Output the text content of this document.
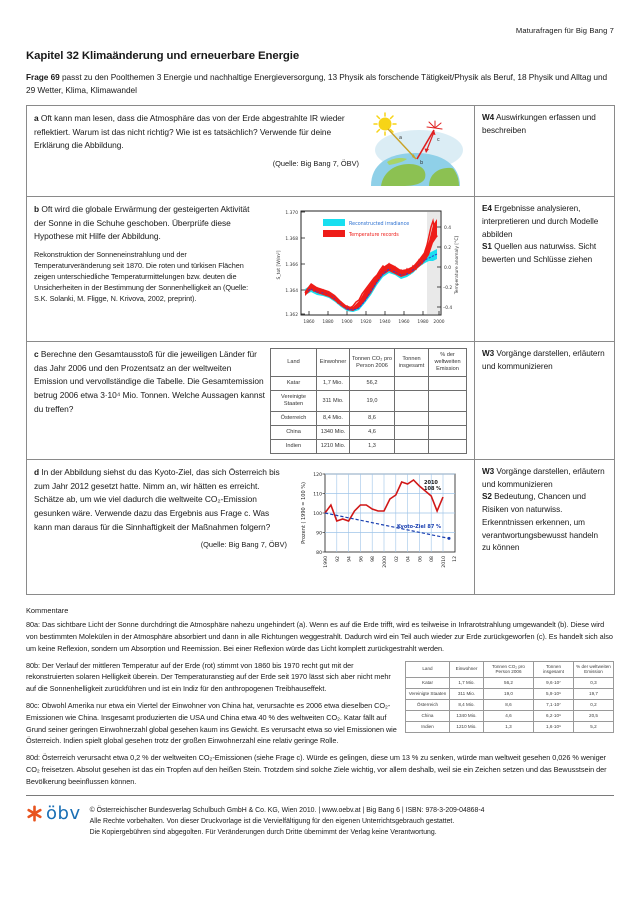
Maturafragen für Big Bang 7
Kapitel 32 Klimaänderung und erneuerbare Energie
Frage 69 passt zu den Poolthemen 3 Energie und nachhaltige Energieversorgung, 13 Physik als forschende Tätigkeit/Physik als Beruf, 18 Physik und Alltag und 29 Wetter, Klima, Klimawandel
a Oft kann man lesen, dass die Atmosphäre das von der Erde abgestrahlte IR wieder reflektiert. Warum ist das nicht richtig? Wie ist es tatsächlich? Verwende für deine Erklärung die Abbildung.
(Quelle: Big Bang 7, ÖBV)
a
b
c

W4 Auswirkungen erfassen und beschreiben

b Oft wird die globale Erwärmung der gesteigerten Aktivität der Sonne in die Schuhe geschoben. Überprüfe diese Hypothese mit Hilfe der Abbildung.
Rekonstruktion der Sonneneinstrahlung und der Temperaturveränderung seit 1870. Die roten und türkisen Flächen zeigen unterschiedliche Temperaturmittelungen bzw. deuten die Unsicherheiten in der Bestimmung der Sonnenhelligkeit an (Quelle: S.K. Solanki, M. Fligge, N. Krivova, 2002, preprint).
1.370
1.368
1.366
1.364
1.362
S_tot [W/m²]
0.4
0.2
0.0
–0.2
–0.4
Temperature anomaly [°C]
1860 1880 1900 1920 1940 1960 1980 2000
Reconstructed irradiance
Temperature records

E4 Ergebnisse analysieren, interpretieren und durch Modelle abbilden
S1 Quellen aus naturwiss. Sicht bewerten und Schlüsse ziehen

c Berechne den Gesamtausstoß für die jeweiligen Länder für das Jahr 2006 und den Prozentsatz an der weltweiten Emission und vervollständige die Tabelle. Die Gesamtemission betrug 2006 etwa 3·10⁴ Mio. Tonnen. Welche Aussagen kannst du treffen?
Land	Einwohner	Tonnen CO₂ pro Person 2006	Tonnen insgesamt	% der weltweiten Emission
Katar	1,7 Mio.	56,2		
Vereinigte Staaten	311 Mio.	19,0		
Österreich	8,4 Mio.	8,6		
China	1340 Mio.	4,6		
Indien	1210 Mio.	1,3		

W3 Vorgänge darstellen, erläutern und kommunizieren

d In der Abbildung siehst du das Kyoto-Ziel, das sich Österreich bis zum Jahr 2012 gesetzt hatte. Nimm an, wir hätten es erreicht. Schätze ab, um wie viel dadurch die weltweite CO₂-Emission gesunken wäre. Verwende dazu das Ergebnis aus Frage c. Was kann man daraus für die Sinnhaftigkeit der Maßnahmen folgern?
(Quelle: Big Bang 7, ÖBV)
120
110
100
90
80
Prozent ( 1990 = 100 %)
1990 92 94 96 98 2000 02 04 06 08 2010 12
2010
108 %
Kyoto-Ziel 87 %

W3 Vorgänge darstellen, erläutern und kommunizieren
S2 Bedeutung, Chancen und Risiken von naturwiss. Erkenntnissen erkennen, um verantwortungsbewusst handeln zu können
Kommentare
80a: Das sichtbare Licht der Sonne durchdringt die Atmosphäre nahezu ungehindert (a). Wenn es auf die Erde trifft, wird es teilweise in Infrarotstrahlung umgewandelt (b). Diese wird von bestimmten Molekülen in der Atmosphäre absorbiert und dann in alle Richtungen weggestrahlt. Dadurch wird ein Teil auch wieder zur Erde zurückgeworfen (c). Es handelt sich also um keine Reflexion, sondern um Absorption und Reemission. Bei einer Reflexion würde das Licht komplett zurückgestrahlt werden.
Land	Einwohner	Tonnen CO₂ pro Person 2006	Tonnen insgesamt	% der weltweiten Emission
Katar	1,7 Mio.	56,2	9,6·10⁷	0,3
Vereinigte Staaten	311 Mio.	19,0	5,9·10⁹	19,7
Österreich	8,4 Mio.	8,6	7,1·10⁷	0,2
China	1340 Mio.	4,6	6,2·10⁹	20,5
Indien	1210 Mio.	1,3	1,6·10⁹	5,2
80b: Der Verlauf der mittleren Temperatur auf der Erde (rot) stimmt von 1860 bis 1970 recht gut mit der rekonstruierten solaren Helligkeit überein. Der Temperaturanstieg auf der Erde seit 1970 lässt sich aber nicht mehr auf die Sonnenhelligkeit zurückführen und ist ein Indiz für den anthropogenen Treibhauseffekt.
80c: Obwohl Amerika nur etwa ein Viertel der Einwohner von China hat, verursachte es 2006 etwa dieselben CO₂-Emissionen wie China. Insgesamt produzierten die USA und China etwa 40 % des weltweiten CO₂. Katar fällt auf Grund seiner geringen Einwohnerzahl global gesehen kaum ins Gewicht. Es verursacht etwa so viel Emissionen wie Österreich. Indien spielt global gesehen trotz der großen Einwohnerzahl eine relativ geringe Rolle.
80d: Österreich verursacht etwa 0,2 % der weltweiten CO₂-Emissionen (siehe Frage c). Würde es gelingen, diese um 13 % zu senken, würde man weltweit gesehen 0,026 % weniger CO₂ freisetzen. Absolut gesehen ist das ein Tropfen auf den heißen Stein. Trotzdem sind solche Ziele wichtig, vor allem deshalb, weil sie ein Zeichen setzen und das Bewusstsein der Bevölkerung beeinflussen können.
öbv © Österreichischer Bundesverlag Schulbuch GmbH & Co. KG, Wien 2010. | www.oebv.at | Big Bang 6 | ISBN: 978-3-209-04868-4
Alle Rechte vorbehalten. Von dieser Druckvorlage ist die Vervielfältigung für den eigenen Unterrichtsgebrauch gestattet.
Die Kopiergebühren sind abgegolten. Für Veränderungen durch Dritte übernimmt der Verlag keine Verantwortung.
